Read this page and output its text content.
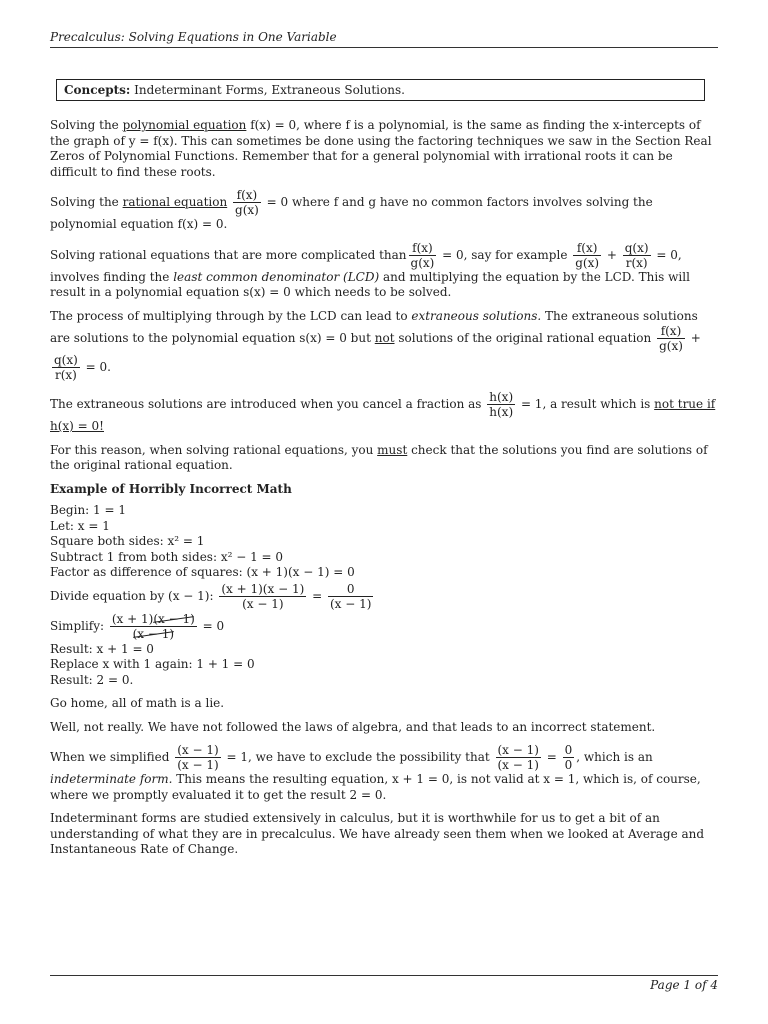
Precalculus: Solving Equations in One Variable
Concepts: Indeterminant Forms, Extraneous Solutions.

Solving the polynomial equation f(x) = 0, where f is a polynomial, is the same as finding the x-intercepts of the graph of y = f(x). This can sometimes be done using the factoring techniques we saw in the Section Real Zeros of Polynomial Functions. Remember that for a general polynomial with irrational roots it can be difficult to find these roots.

Solving the rational equation $\frac{f(x)}{g(x)} = 0$ where f and g have no common factors involves solving the polynomial equation f(x) = 0.

Solving rational equations that are more complicated than $\frac{f(x)}{g(x)} = 0$, say for example $\frac{f(x)}{g(x)} + \frac{q(x)}{r(x)} = 0$, involves finding the least common denominator (LCD) and multiplying the equation by the LCD. This will result in a polynomial equation s(x) = 0 which needs to be solved.

The process of multiplying through by the LCD can lead to extraneous solutions. The extraneous solutions are solutions to the polynomial equation s(x) = 0 but not solutions of the original rational equation $\frac{f(x)}{g(x)}$ +
$\frac{q(x)}{r(x)} = 0$.

The extraneous solutions are introduced when you cancel a fraction as $\frac{h(x)}{h(x)} = 1$, a result which is not true if h(x) = 0!

For this reason, when solving rational equations, you must check that the solutions you find are solutions of the original rational equation.

Example of Horribly Incorrect Math

Begin: 1 = 1
Let: x = 1
Square both sides: x² = 1
Subtract 1 from both sides: x² − 1 = 0
Factor as difference of squares: (x + 1)(x − 1) = 0
Divide equation by (x − 1): $\frac{(x + 1)(x - 1)}{(x - 1)} = \frac{0}{(x - 1)}$
Simplify: $\frac{(x + 1)(x - 1)}{(x - 1)} = 0$
Result: x + 1 = 0
Replace x with 1 again: 1 + 1 = 0
Result: 2 = 0.

Go home, all of math is a lie.

Well, not really. We have not followed the laws of algebra, and that leads to an incorrect statement.

When we simplified $\frac{(x - 1)}{(x - 1)} = 1$, we have to exclude the possibility that $\frac{(x - 1)}{(x - 1)} = \frac{0}{0}$ , which is an indeterminate form. This means the resulting equation, x + 1 = 0, is not valid at x = 1, which is, of course, where we promptly evaluated it to get the result 2 = 0.

Indeterminant forms are studied extensively in calculus, but it is worthwhile for us to get a bit of an understanding of what they are in precalculus. We have already seen them when we looked at Average and Instantaneous Rate of Change.

Page 1 of 4
